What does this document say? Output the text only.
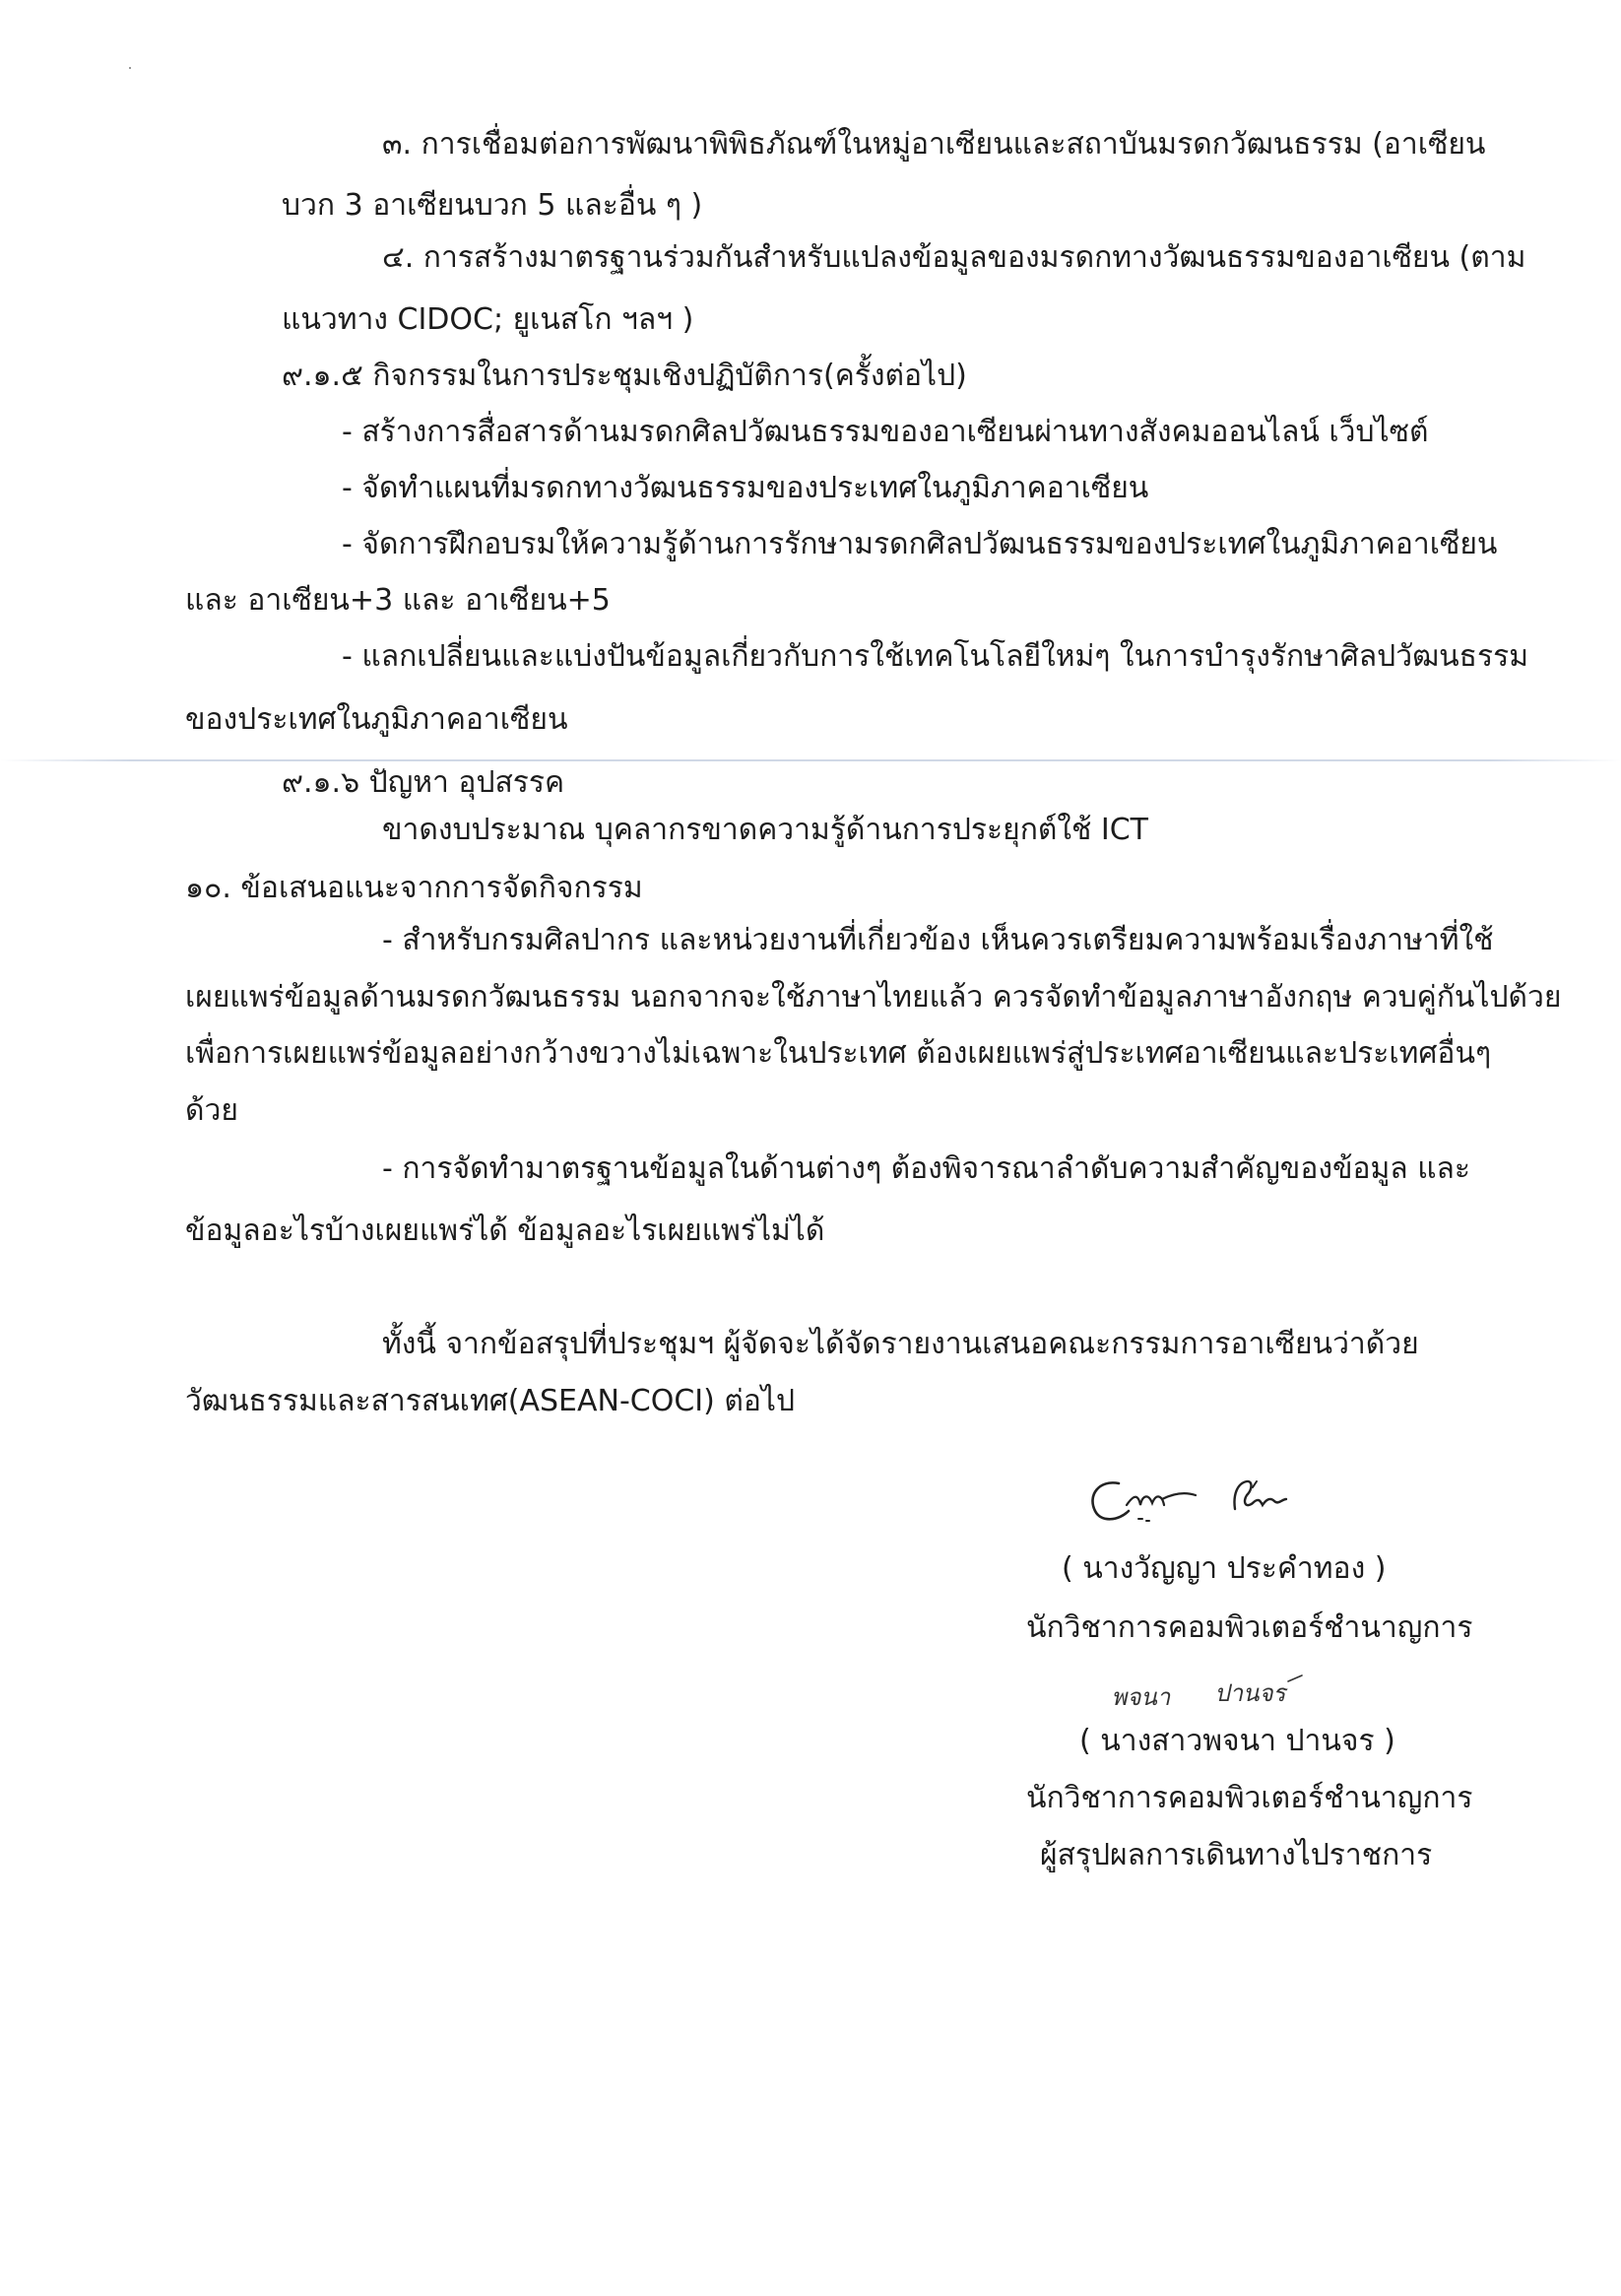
๓. การเชื่อมต่อการพัฒนาพิพิธภัณฑ์ในหมู่อาเซียนและสถาบันมรดกวัฒนธรรม (อาเซียน
บวก 3 อาเซียนบวก 5 และอื่น ๆ )
๔. การสร้างมาตรฐานร่วมกันสำหรับแปลงข้อมูลของมรดกทางวัฒนธรรมของอาเซียน (ตาม
แนวทาง CIDOC; ยูเนสโก ฯลฯ )
๙.๑.๕ กิจกรรมในการประชุมเชิงปฏิบัติการ(ครั้งต่อไป)
- สร้างการสื่อสารด้านมรดกศิลปวัฒนธรรมของอาเซียนผ่านทางสังคมออนไลน์ เว็บไซต์
- จัดทำแผนที่มรดกทางวัฒนธรรมของประเทศในภูมิภาคอาเซียน
- จัดการฝึกอบรมให้ความรู้ด้านการรักษามรดกศิลปวัฒนธรรมของประเทศในภูมิภาคอาเซียน
และ อาเซียน+3 และ อาเซียน+5
- แลกเปลี่ยนและแบ่งปันข้อมูลเกี่ยวกับการใช้เทคโนโลยีใหม่ๆ ในการบำรุงรักษาศิลปวัฒนธรรม
ของประเทศในภูมิภาคอาเซียน
๙.๑.๖ ปัญหา อุปสรรค
ขาดงบประมาณ บุคลากรขาดความรู้ด้านการประยุกต์ใช้ ICT
๑๐. ข้อเสนอแนะจากการจัดกิจกรรม
- สำหรับกรมศิลปากร และหน่วยงานที่เกี่ยวข้อง เห็นควรเตรียมความพร้อมเรื่องภาษาที่ใช้
เผยแพร่ข้อมูลด้านมรดกวัฒนธรรม นอกจากจะใช้ภาษาไทยแล้ว ควรจัดทำข้อมูลภาษาอังกฤษ ควบคู่กันไปด้วย
เพื่อการเผยแพร่ข้อมูลอย่างกว้างขวางไม่เฉพาะในประเทศ ต้องเผยแพร่สู่ประเทศอาเซียนและประเทศอื่นๆ
ด้วย
- การจัดทำมาตรฐานข้อมูลในด้านต่างๆ ต้องพิจารณาลำดับความสำคัญของข้อมูล และ
ข้อมูลอะไรบ้างเผยแพร่ได้ ข้อมูลอะไรเผยแพร่ไม่ได้
ทั้งนี้ จากข้อสรุปที่ประชุมฯ ผู้จัดจะได้จัดรายงานเสนอคณะกรรมการอาเซียนว่าด้วย
วัฒนธรรมและสารสนเทศ(ASEAN-COCI) ต่อไป
( นางวัญญา ประคำทอง )
นักวิชาการคอมพิวเตอร์ชำนาญการ
พจนา ปานจร
( นางสาวพจนา ปานจร )
นักวิชาการคอมพิวเตอร์ชำนาญการ
ผู้สรุปผลการเดินทางไปราชการ
